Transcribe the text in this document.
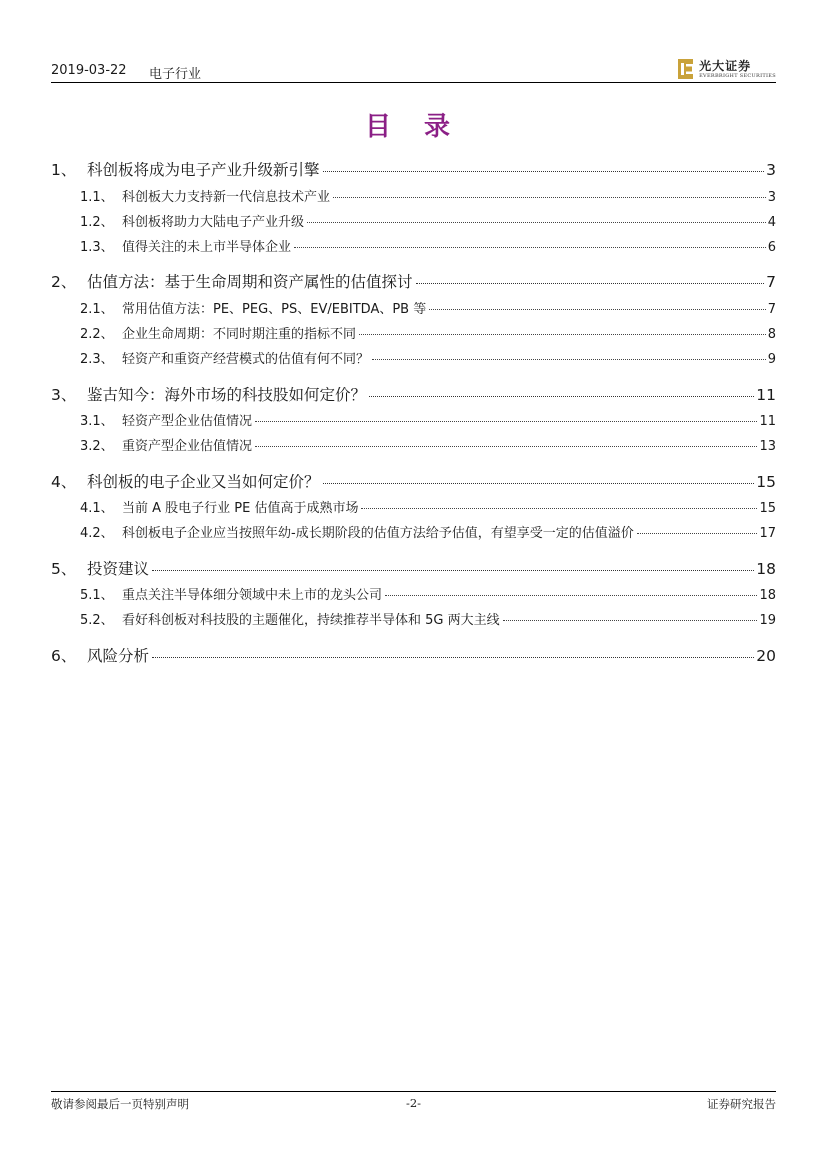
2019-03-22 电子行业
光大证券
EVERBRIGHT SECURITIES
目 录
1、 科创板将成为电子产业升级新引擎	3
1.1、 科创板大力支持新一代信息技术产业	3
1.2、 科创板将助力大陆电子产业升级	4
1.3、 值得关注的未上市半导体企业	6
2、 估值方法：基于生命周期和资产属性的估值探讨	7
2.1、 常用估值方法：PE、PEG、PS、EV/EBITDA、PB 等	7
2.2、 企业生命周期：不同时期注重的指标不同	8
2.3、 轻资产和重资产经营模式的估值有何不同？	9
3、 鉴古知今：海外市场的科技股如何定价？	11
3.1、 轻资产型企业估值情况	11
3.2、 重资产型企业估值情况	13
4、 科创板的电子企业又当如何定价？	15
4.1、 当前 A 股电子行业 PE 估值高于成熟市场	15
4.2、 科创板电子企业应当按照年幼-成长期阶段的估值方法给予估值，有望享受一定的估值溢价	17
5、 投资建议	18
5.1、 重点关注半导体细分领域中未上市的龙头公司	18
5.2、 看好科创板对科技股的主题催化，持续推荐半导体和 5G 两大主线	19
6、 风险分析	20
敬请参阅最后一页特别声明	-2-	证券研究报告
